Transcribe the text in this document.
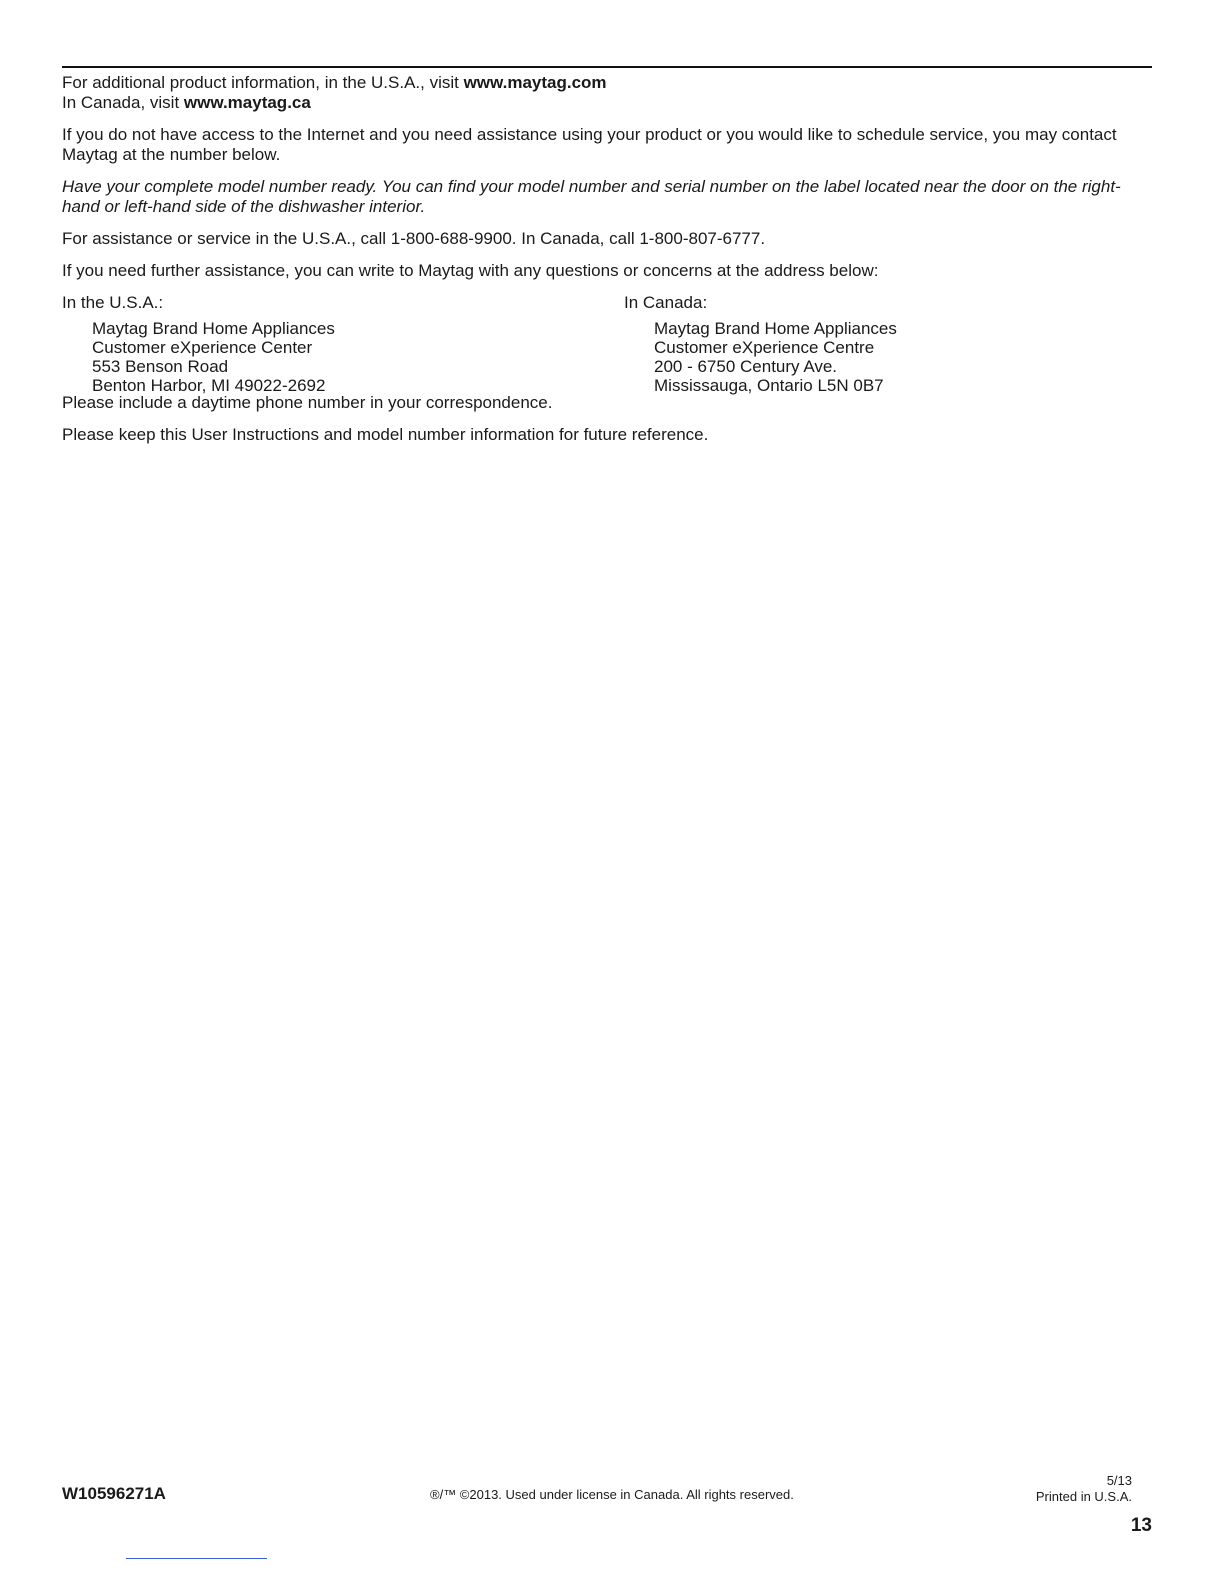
For additional product information, in the U.S.A., visit www.maytag.com

In Canada, visit www.maytag.ca

If you do not have access to the Internet and you need assistance using your product or you would like to schedule service, you may contact Maytag at the number below.

Have your complete model number ready. You can find your model number and serial number on the label located near the door on the right-hand or left-hand side of the dishwasher interior.

For assistance or service in the U.S.A., call 1-800-688-9900. In Canada, call 1-800-807-6777.

If you need further assistance, you can write to Maytag with any questions or concerns at the address below:

In the U.S.A.:
Maytag Brand Home Appliances
Customer eXperience Center
553 Benson Road
Benton Harbor, MI 49022-2692
In Canada:
Maytag Brand Home Appliances
Customer eXperience Centre
200 - 6750 Century Ave.
Mississauga, Ontario L5N 0B7

Please include a daytime phone number in your correspondence.

Please keep this User Instructions and model number information for future reference.

W10596271A	®/™ ©2013. Used under license in Canada. All rights reserved.
5/13
Printed in U.S.A.
13
